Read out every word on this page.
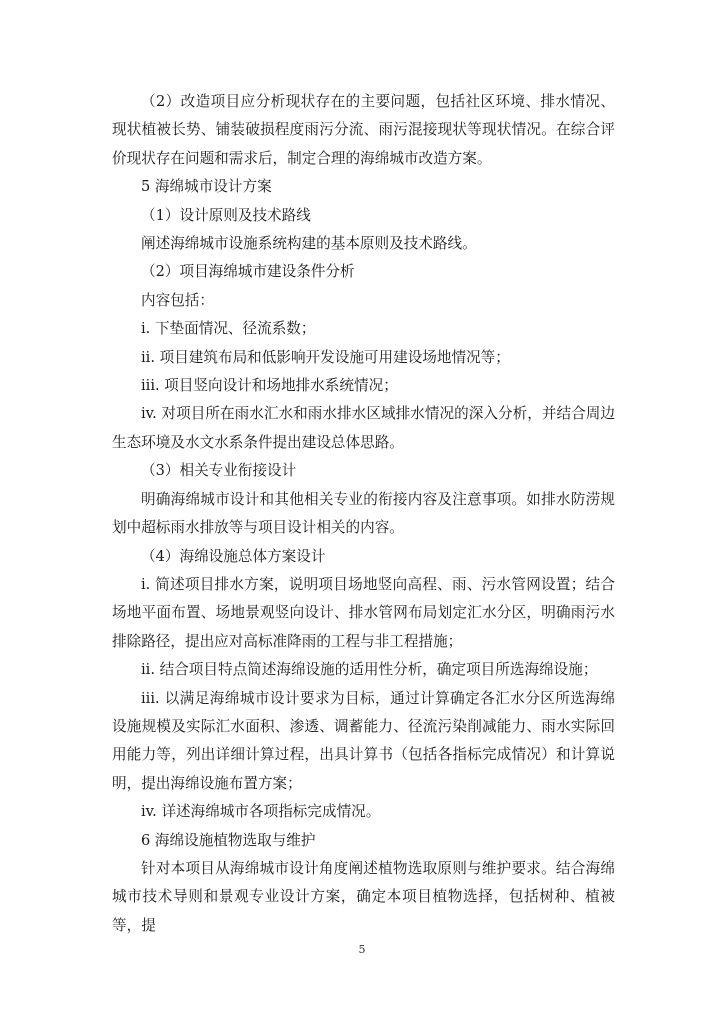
（2）改造项目应分析现状存在的主要问题，包括社区环境、排水情况、现状植被长势、铺装破损程度雨污分流、雨污混接现状等现状情况。在综合评价现状存在问题和需求后，制定合理的海绵城市改造方案。

5 海绵城市设计方案

（1）设计原则及技术路线

阐述海绵城市设施系统构建的基本原则及技术路线。

（2）项目海绵城市建设条件分析

内容包括：

i. 下垫面情况、径流系数；

ii. 项目建筑布局和低影响开发设施可用建设场地情况等；

iii. 项目竖向设计和场地排水系统情况；

iv. 对项目所在雨水汇水和雨水排水区域排水情况的深入分析，并结合周边生态环境及水文水系条件提出建设总体思路。

（3）相关专业衔接设计

明确海绵城市设计和其他相关专业的衔接内容及注意事项。如排水防涝规划中超标雨水排放等与项目设计相关的内容。

（4）海绵设施总体方案设计

i. 简述项目排水方案，说明项目场地竖向高程、雨、污水管网设置；结合场地平面布置、场地景观竖向设计、排水管网布局划定汇水分区，明确雨污水排除路径，提出应对高标准降雨的工程与非工程措施；

ii. 结合项目特点简述海绵设施的适用性分析，确定项目所选海绵设施；

iii. 以满足海绵城市设计要求为目标，通过计算确定各汇水分区所选海绵设施规模及实际汇水面积、渗透、调蓄能力、径流污染削减能力、雨水实际回用能力等，列出详细计算过程，出具计算书（包括各指标完成情况）和计算说明，提出海绵设施布置方案；

iv. 详述海绵城市各项指标完成情况。

6 海绵设施植物选取与维护

针对本项目从海绵城市设计角度阐述植物选取原则与维护要求。结合海绵城市技术导则和景观专业设计方案，确定本项目植物选择，包括树种、植被等，提

5
